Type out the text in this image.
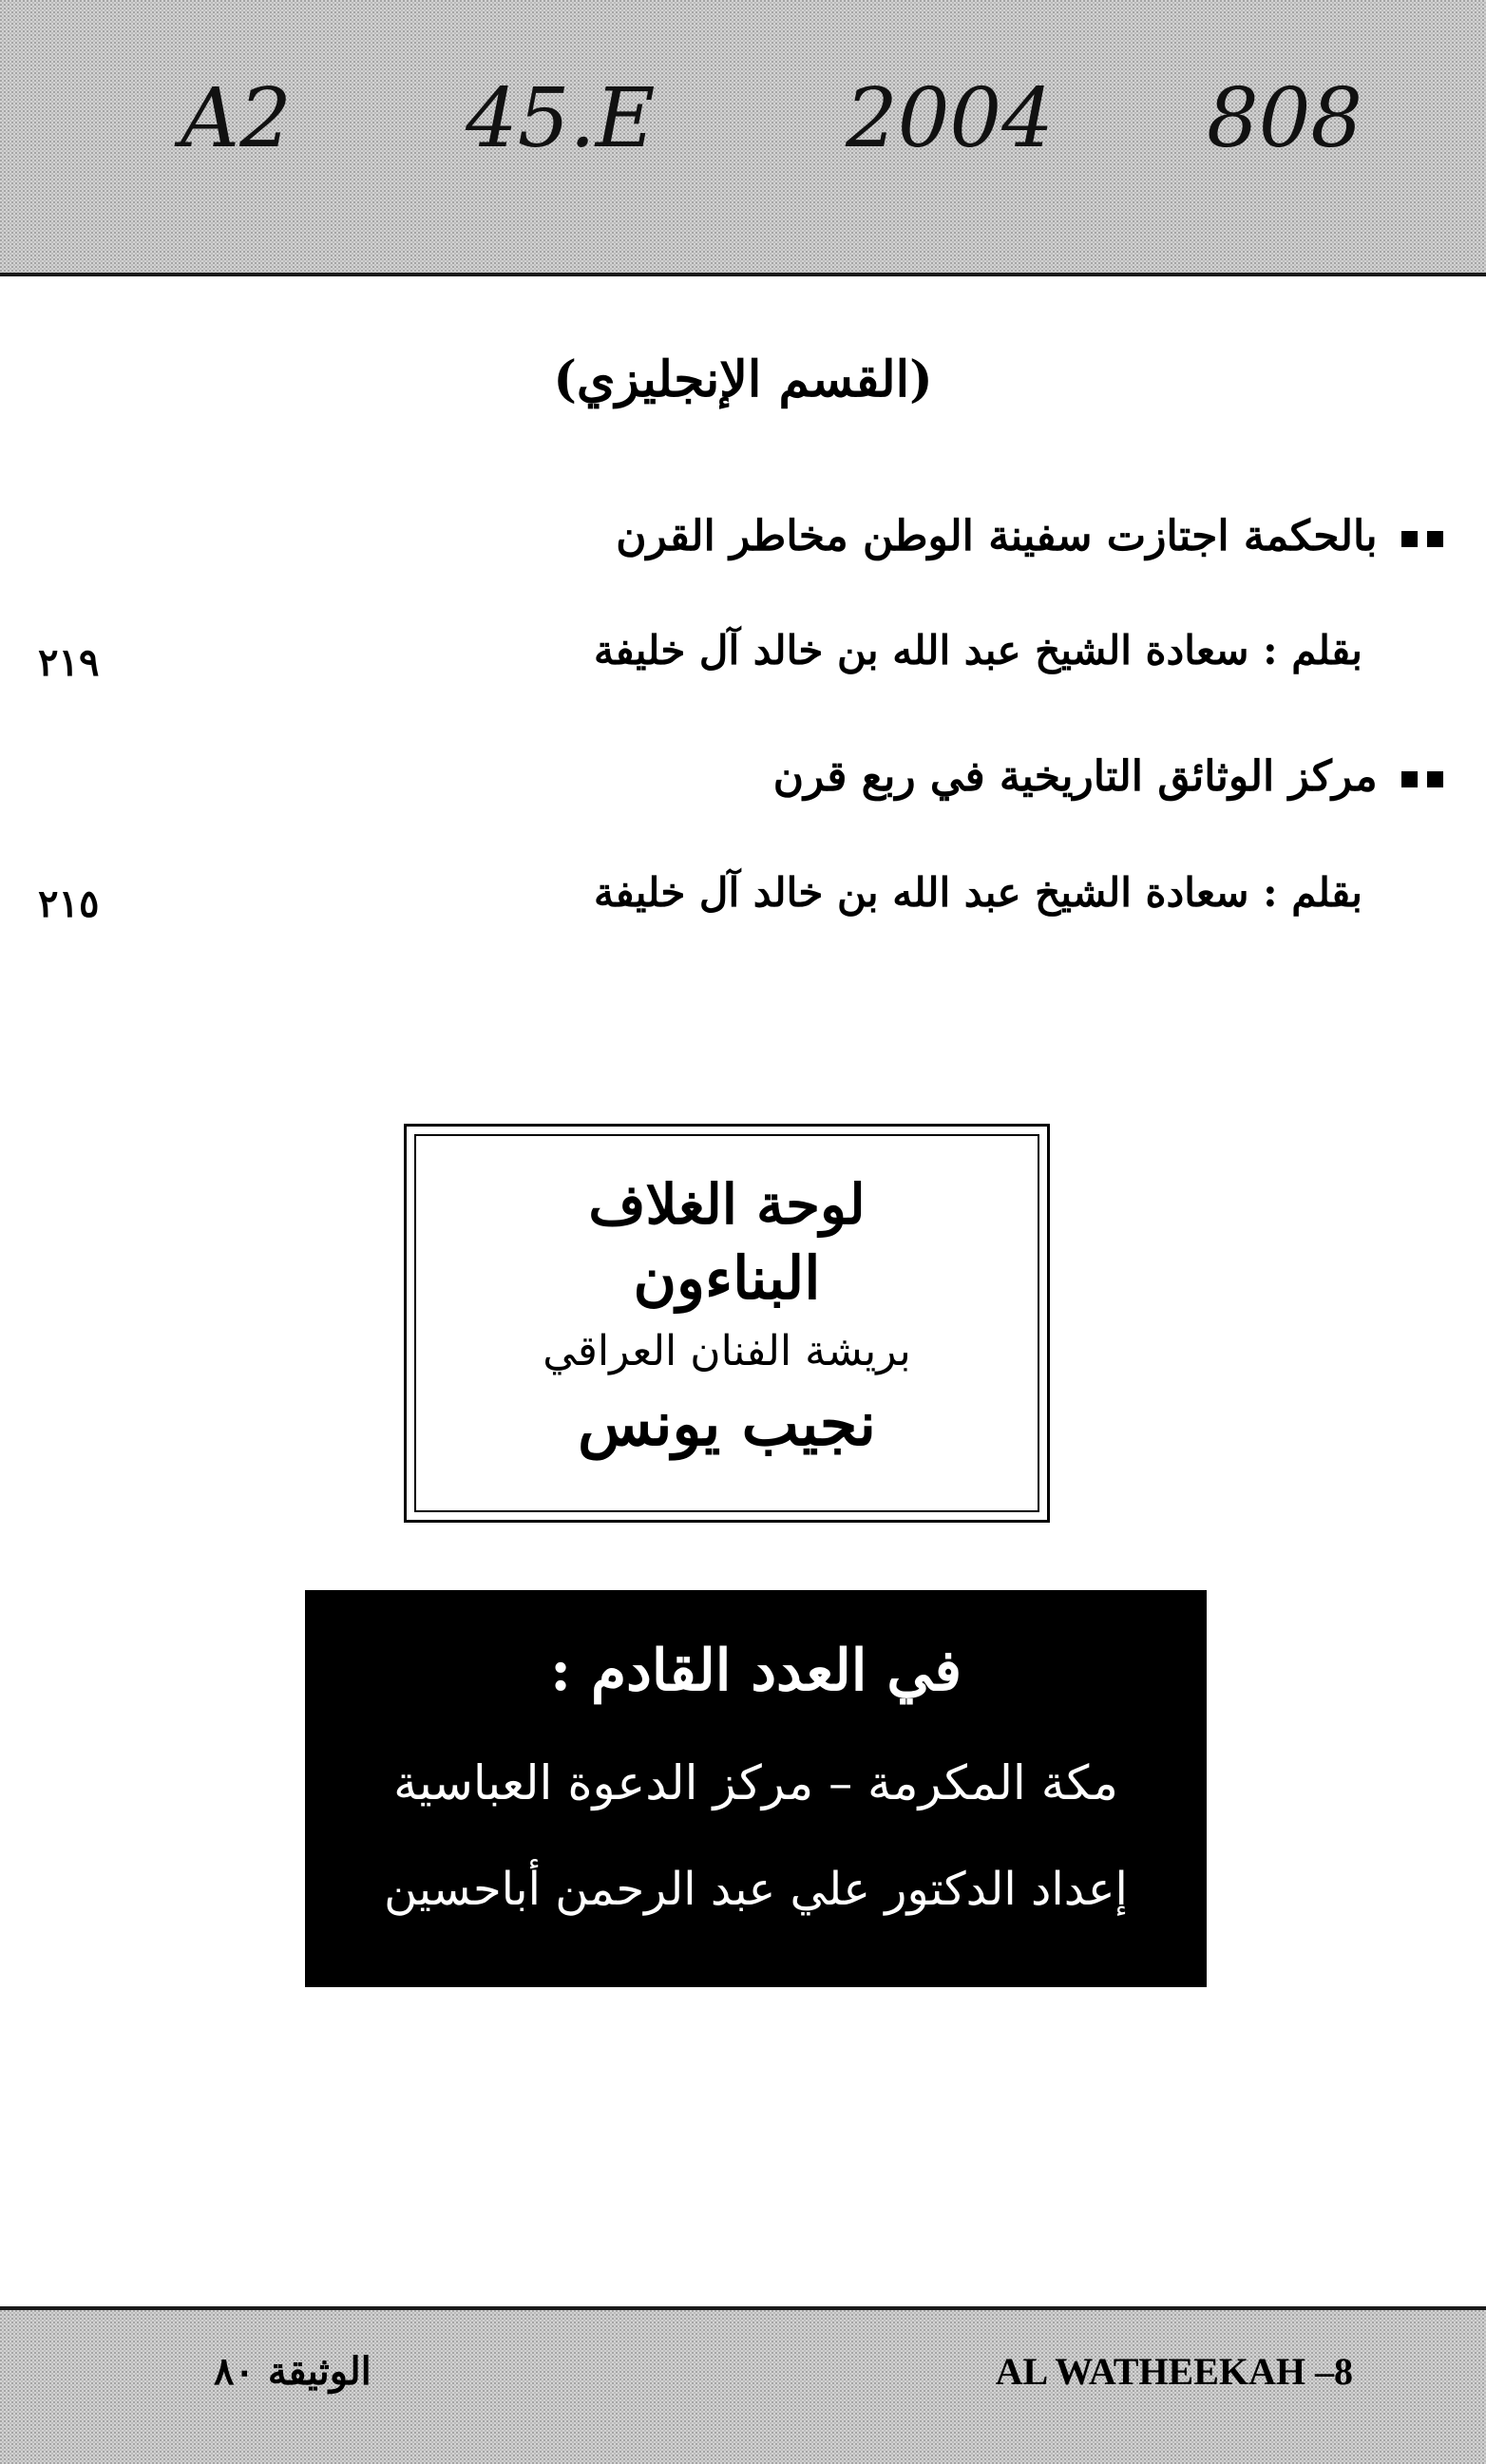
A2 45.E 2004 808
(القسم الإنجليزي)
بالحكمة اجتازت سفينة الوطن مخاطر القرن
بقلم : سعادة الشيخ عبد الله بن خالد آل خليفة
٢١٩
مركز الوثائق التاريخية في ربع قرن
بقلم : سعادة الشيخ عبد الله بن خالد آل خليفة
٢١٥
لوحة الغلاف
البناءون
بريشة الفنان العراقي
نجيب يونس
في العدد القادم :
مكة المكرمة – مركز الدعوة العباسية
إعداد الدكتور علي عبد الرحمن أباحسين
الوثيقة ٨٠	AL WATHEEKAH –8
